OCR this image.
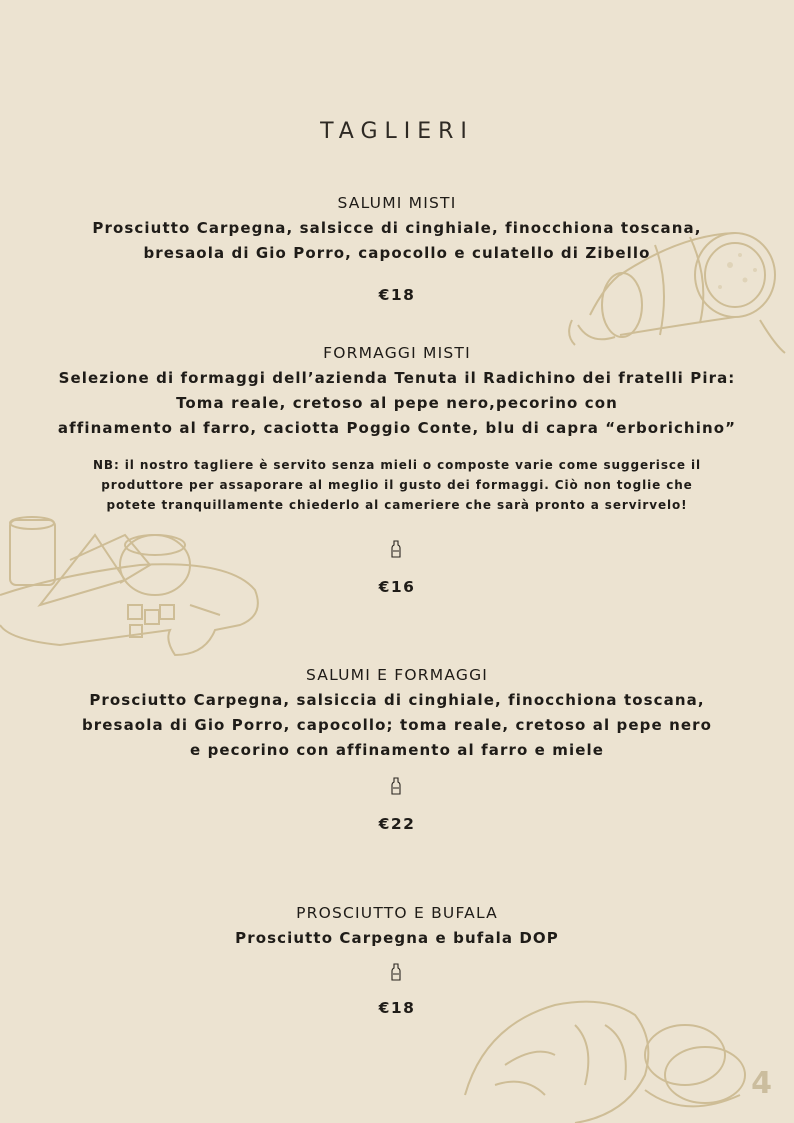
TAGLIERI
SALUMI MISTI
Prosciutto Carpegna, salsicce di cinghiale, finocchiona toscana,
bresaola di Gio Porro, capocollo e culatello di Zibello
€18
FORMAGGI MISTI
Selezione di formaggi dell’azienda Tenuta il Radichino dei fratelli Pira:
Toma reale, cretoso al pepe nero,pecorino con
affinamento al farro, caciotta Poggio Conte, blu di capra “erborichino”
NB: il nostro tagliere è servito senza mieli o composte varie come suggerisce il
produttore per assaporare al meglio il gusto dei formaggi. Ciò non toglie che
potete tranquillamente chiederlo al cameriere che sarà pronto a servirvelo!
€16
SALUMI E FORMAGGI
Prosciutto Carpegna, salsiccia di cinghiale, finocchiona toscana,
bresaola di Gio Porro, capocollo; toma reale, cretoso al pepe nero
e pecorino con affinamento al farro e miele
€22
PROSCIUTTO E BUFALA
Prosciutto Carpegna e bufala DOP
€18
4
